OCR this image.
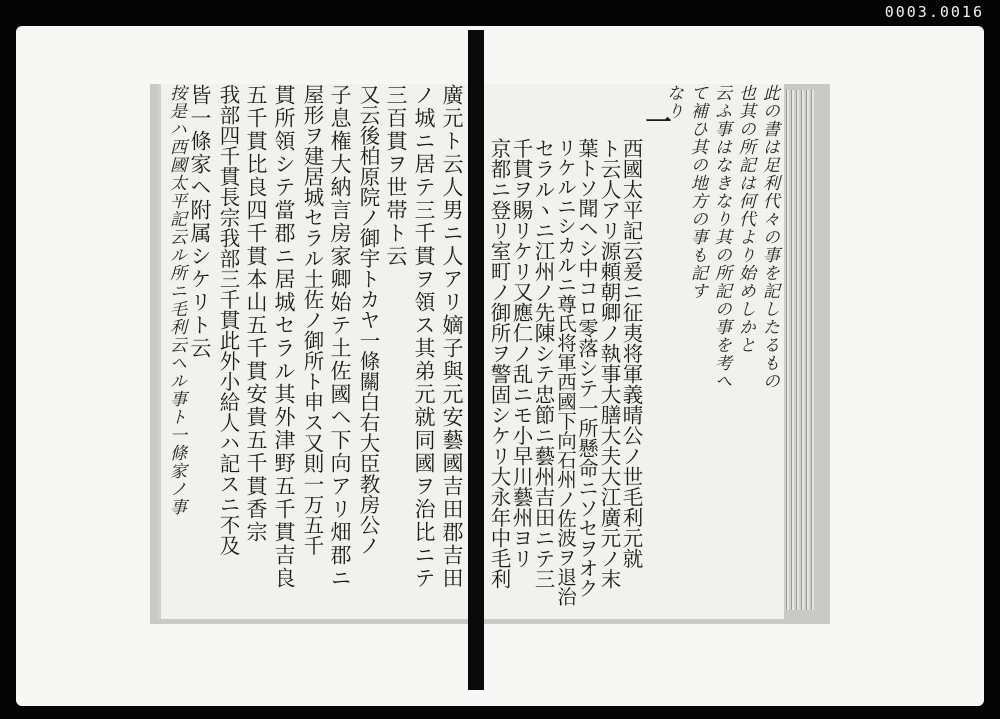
0003.0016
廣元ト云人男ニ人アリ嫡子與元安藝國吉田郡吉田
ノ城ニ居テ三千貫ヲ領ス其弟元就同國ヲ治比ニテ
三百貫ヲ世帯ト云
又云後柏原院ノ御宇トカヤ一條關白右大臣教房公ノ
子息権大納言房家卿始テ土佐國ヘ下向アリ畑郡ニ
屋形ヲ建居城セラル土佐ノ御所ト申ス又則一万五千
貫所領シテ當郡ニ居城セラル其外津野五千貫吉良
五千貫比良四千貫本山五千貫安貴五千貫香宗
我部四千貫長宗我部三千貫此外小給人ハ記スニ不及
皆一條家ヘ附属シケリト云
按是ハ西國太平記云ル所ニ毛利云ヘル事ト一條家ノ事	此の書は足利代々の事を記したるもの
也其の所記は何代より始めしかと
云ふ事はなきなり其の所記の事を考へ
て補ひ其の地方の事も記す
なり
一
西國太平記云爰ニ征夷将軍義晴公ノ世毛利元就
ト云人アリ源頼朝卿ノ執事大膳大夫大江廣元ノ末
葉トソ聞ヘシ中コロ零落シテ一所懸命ニソセヲオク
リケルニシカルニ尊氏将軍西國下向石州ノ佐波ヲ退治
セラルヽニ江州ノ先陳シテ忠節ニ藝州吉田ニテ三
千貫ヲ賜リケリ又應仁ノ乱ニモ小早川藝州ヨリ
京都ニ登リ室町ノ御所ヲ警固シケリ大永年中毛利
